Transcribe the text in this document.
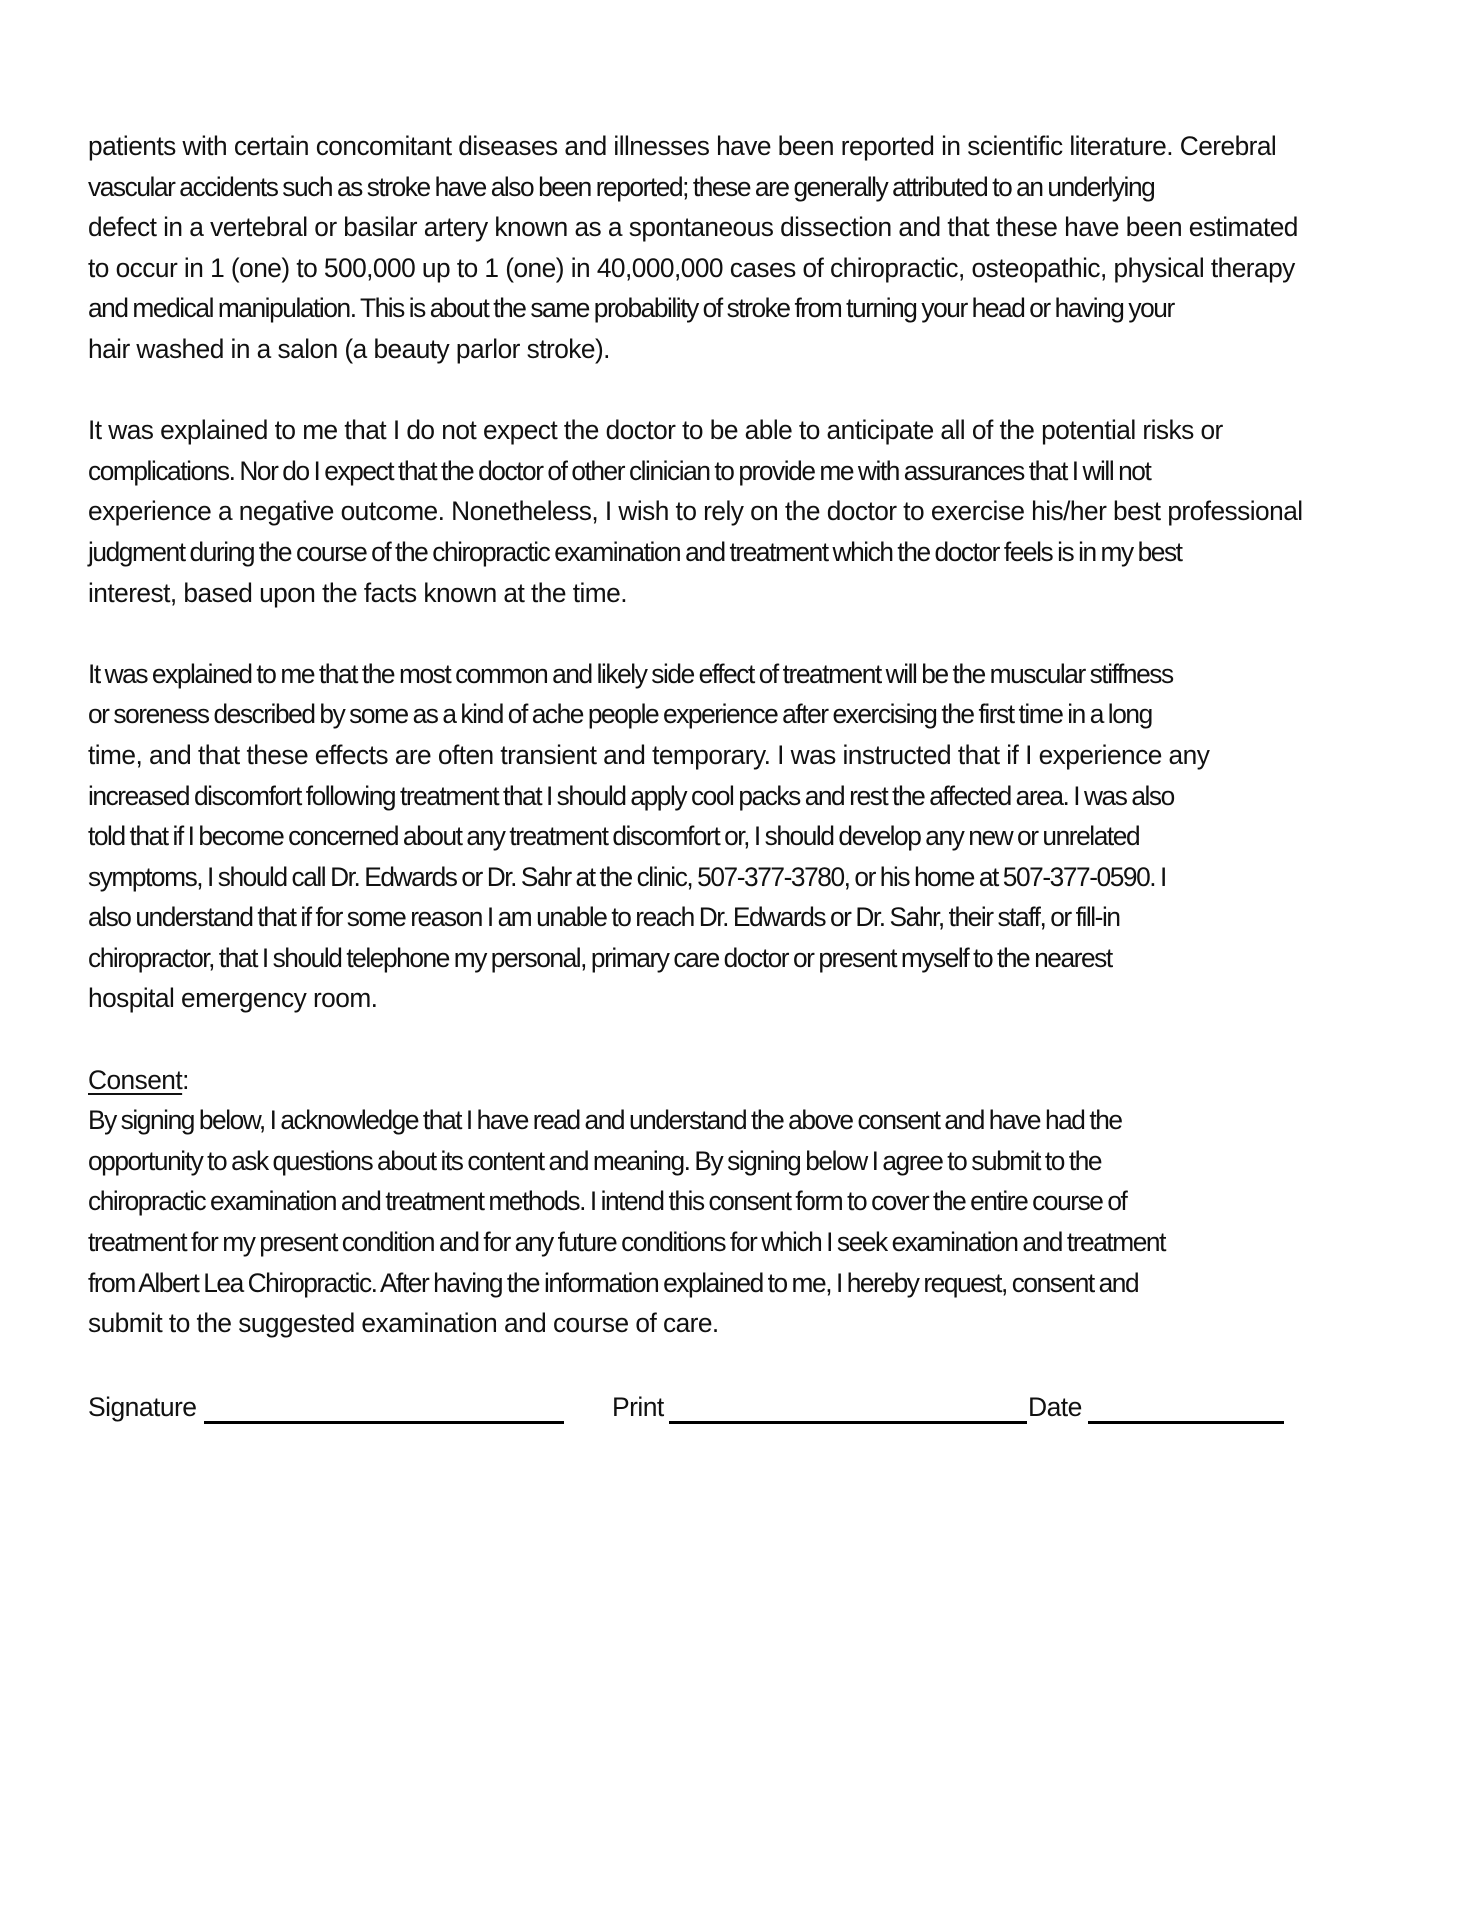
patients with certain concomitant diseases and illnesses have been reported in scientific literature. Cerebral
vascular accidents such as stroke have also been reported; these are generally attributed to an underlying
defect in a vertebral or basilar artery known as a spontaneous dissection and that these have been estimated
to occur in 1 (one) to 500,000 up to 1 (one) in 40,000,000 cases of chiropractic, osteopathic, physical therapy
and medical manipulation. This is about the same probability of stroke from turning your head or having your
hair washed in a salon (a beauty parlor stroke).
It was explained to me that I do not expect the doctor to be able to anticipate all of the potential risks or
complications. Nor do I expect that the doctor of other clinician to provide me with assurances that I will not
experience a negative outcome. Nonetheless, I wish to rely on the doctor to exercise his/her best professional
judgment during the course of the chiropractic examination and treatment which the doctor feels is in my best
interest, based upon the facts known at the time.
It was explained to me that the most common and likely side effect of treatment will be the muscular stiffness
or soreness described by some as a kind of ache people experience after exercising the first time in a long
time, and that these effects are often transient and temporary. I was instructed that if I experience any
increased discomfort following treatment that I should apply cool packs and rest the affected area. I was also
told that if I become concerned about any treatment discomfort or, I should develop any new or unrelated
symptoms, I should call Dr. Edwards or Dr. Sahr at the clinic, 507-377-3780, or his home at 507-377-0590. I
also understand that if for some reason I am unable to reach Dr. Edwards or Dr. Sahr, their staff, or fill-in
chiropractor, that I should telephone my personal, primary care doctor or present myself to the nearest
hospital emergency room.
Consent:
By signing below, I acknowledge that I have read and understand the above consent and have had the
opportunity to ask questions about its content and meaning. By signing below I agree to submit to the
chiropractic examination and treatment methods. I intend this consent form to cover the entire course of
treatment for my present condition and for any future conditions for which I seek examination and treatment
from Albert Lea Chiropractic. After having the information explained to me, I hereby request, consent and
submit to the suggested examination and course of care.
Signature	Print	Date
